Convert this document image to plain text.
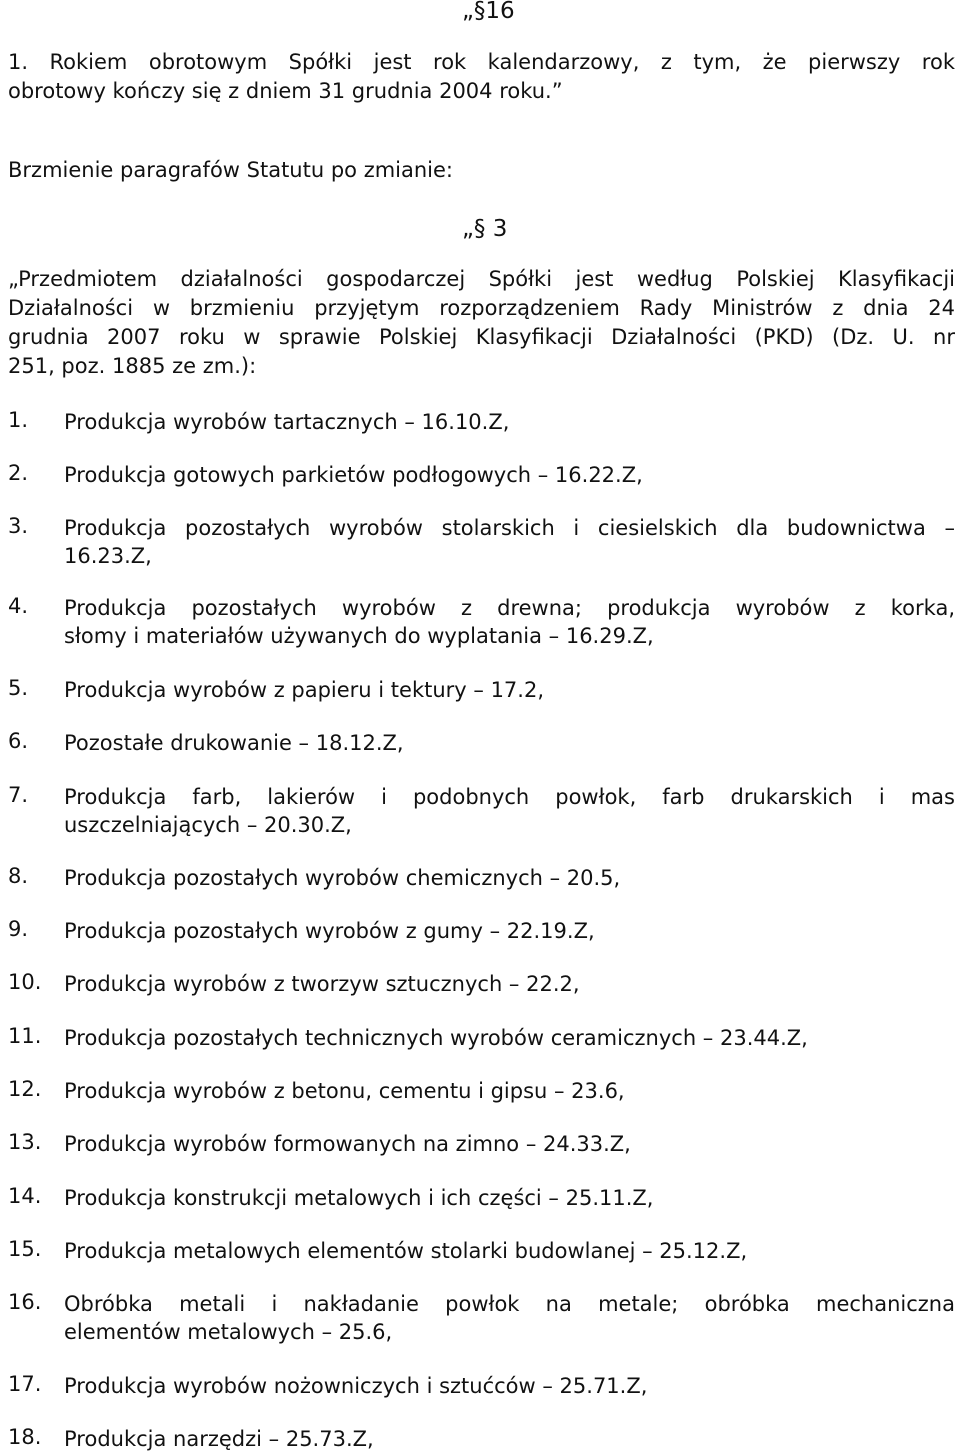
„§16
1. Rokiem obrotowym Spółki jest rok kalendarzowy, z tym, że pierwszy rok
obrotowy kończy się z dniem 31 grudnia 2004 roku.”
Brzmienie paragrafów Statutu po zmianie:
„§ 3
„Przedmiotem działalności gospodarczej Spółki jest według Polskiej Klasyfikacji
Działalności w brzmieniu przyjętym rozporządzeniem Rady Ministrów z dnia 24
grudnia 2007 roku w sprawie Polskiej Klasyfikacji Działalności (PKD) (Dz. U. nr
251, poz. 1885 ze zm.):
1. Produkcja wyrobów tartacznych – 16.10.Z,
2. Produkcja gotowych parkietów podłogowych – 16.22.Z,
3. Produkcja pozostałych wyrobów stolarskich i ciesielskich dla budownictwa –
16.23.Z,
4. Produkcja pozostałych wyrobów z drewna; produkcja wyrobów z korka,
słomy i materiałów używanych do wyplatania – 16.29.Z,
5. Produkcja wyrobów z papieru i tektury – 17.2,
6. Pozostałe drukowanie – 18.12.Z,
7. Produkcja farb, lakierów i podobnych powłok, farb drukarskich i mas
uszczelniających – 20.30.Z,
8. Produkcja pozostałych wyrobów chemicznych – 20.5,
9. Produkcja pozostałych wyrobów z gumy – 22.19.Z,
10. Produkcja wyrobów z tworzyw sztucznych – 22.2,
11. Produkcja pozostałych technicznych wyrobów ceramicznych – 23.44.Z,
12. Produkcja wyrobów z betonu, cementu i gipsu – 23.6,
13. Produkcja wyrobów formowanych na zimno – 24.33.Z,
14. Produkcja konstrukcji metalowych i ich części – 25.11.Z,
15. Produkcja metalowych elementów stolarki budowlanej – 25.12.Z,
16. Obróbka metali i nakładanie powłok na metale; obróbka mechaniczna
elementów metalowych – 25.6,
17. Produkcja wyrobów nożowniczych i sztućców – 25.71.Z,
18. Produkcja narzędzi – 25.73.Z,
